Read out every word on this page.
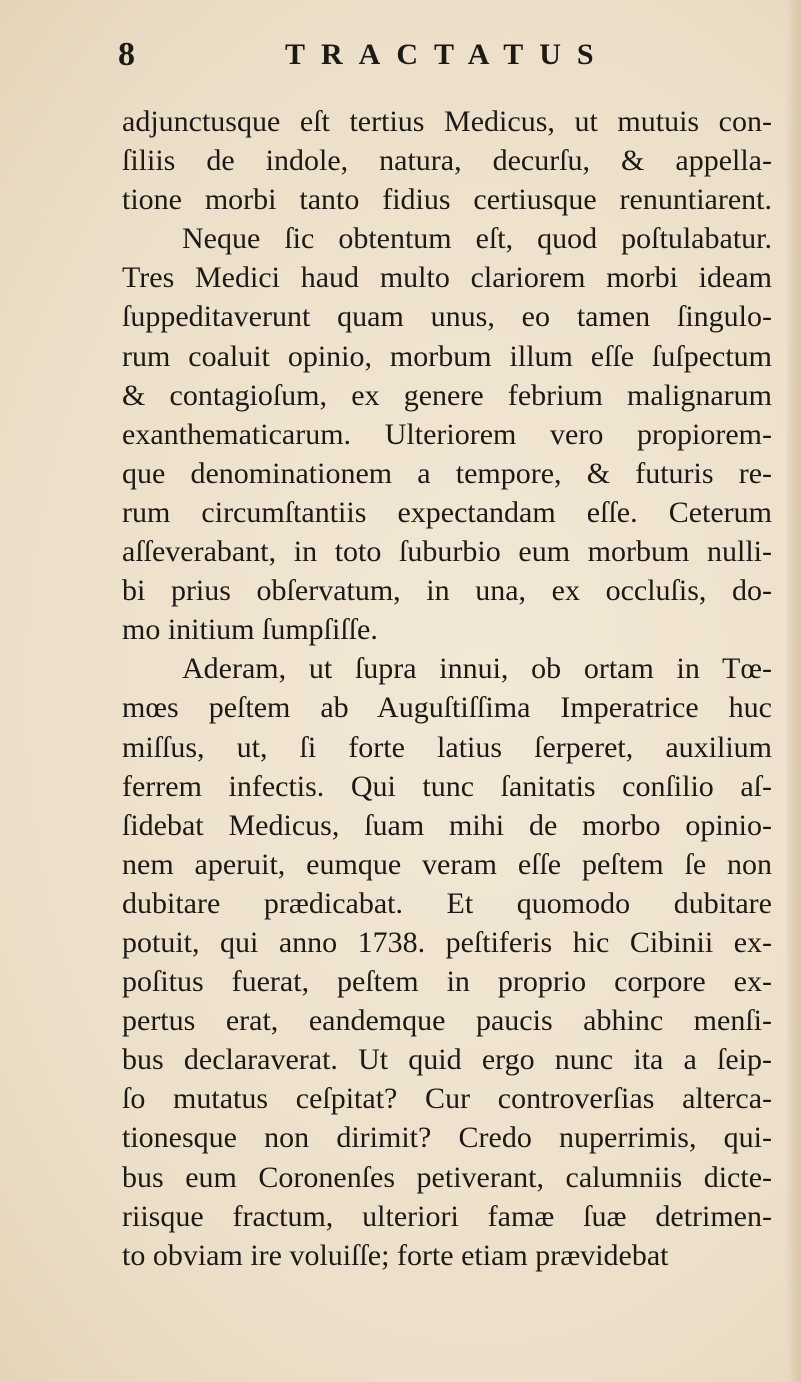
8	TRACTATUS
adjunctusque eſt tertius Medicus, ut mutuis con-
ſiliis de indole, natura, decurſu, & appella-
tione morbi tanto fidius certiusque renuntiarent.
Neque ſic obtentum eſt, quod poſtulabatur.
Tres Medici haud multo clariorem morbi ideam
ſuppeditaverunt quam unus, eo tamen ſingulo-
rum coaluit opinio, morbum illum eſſe ſuſpectum
& contagioſum, ex genere febrium malignarum
exanthematicarum. Ulteriorem vero propiorem-
que denominationem a tempore, & futuris re-
rum circumſtantiis expectandam eſſe. Ceterum
aſſeverabant, in toto ſuburbio eum morbum nulli-
bi prius obſervatum, in una, ex occluſis, do-
mo initium ſumpſiſſe.
Aderam, ut ſupra innui, ob ortam in Tœ-
mœs peſtem ab Auguſtiſſima Imperatrice huc
miſſus, ut, ſi forte latius ſerperet, auxilium
ferrem infectis. Qui tunc ſanitatis conſilio aſ-
ſidebat Medicus, ſuam mihi de morbo opinio-
nem aperuit, eumque veram eſſe peſtem ſe non
dubitare prædicabat. Et quomodo dubitare
potuit, qui anno 1738. peſtiferis hic Cibinii ex-
poſitus fuerat, peſtem in proprio corpore ex-
pertus erat, eandemque paucis abhinc menſi-
bus declaraverat. Ut quid ergo nunc ita a ſeip-
ſo mutatus ceſpitat? Cur controverſias alterca-
tionesque non dirimit? Credo nuperrimis, qui-
bus eum Coronenſes petiverant, calumniis dicte-
riisque fractum, ulteriori famæ ſuæ detrimen-
to obviam ire voluiſſe; forte etiam prævidebat
